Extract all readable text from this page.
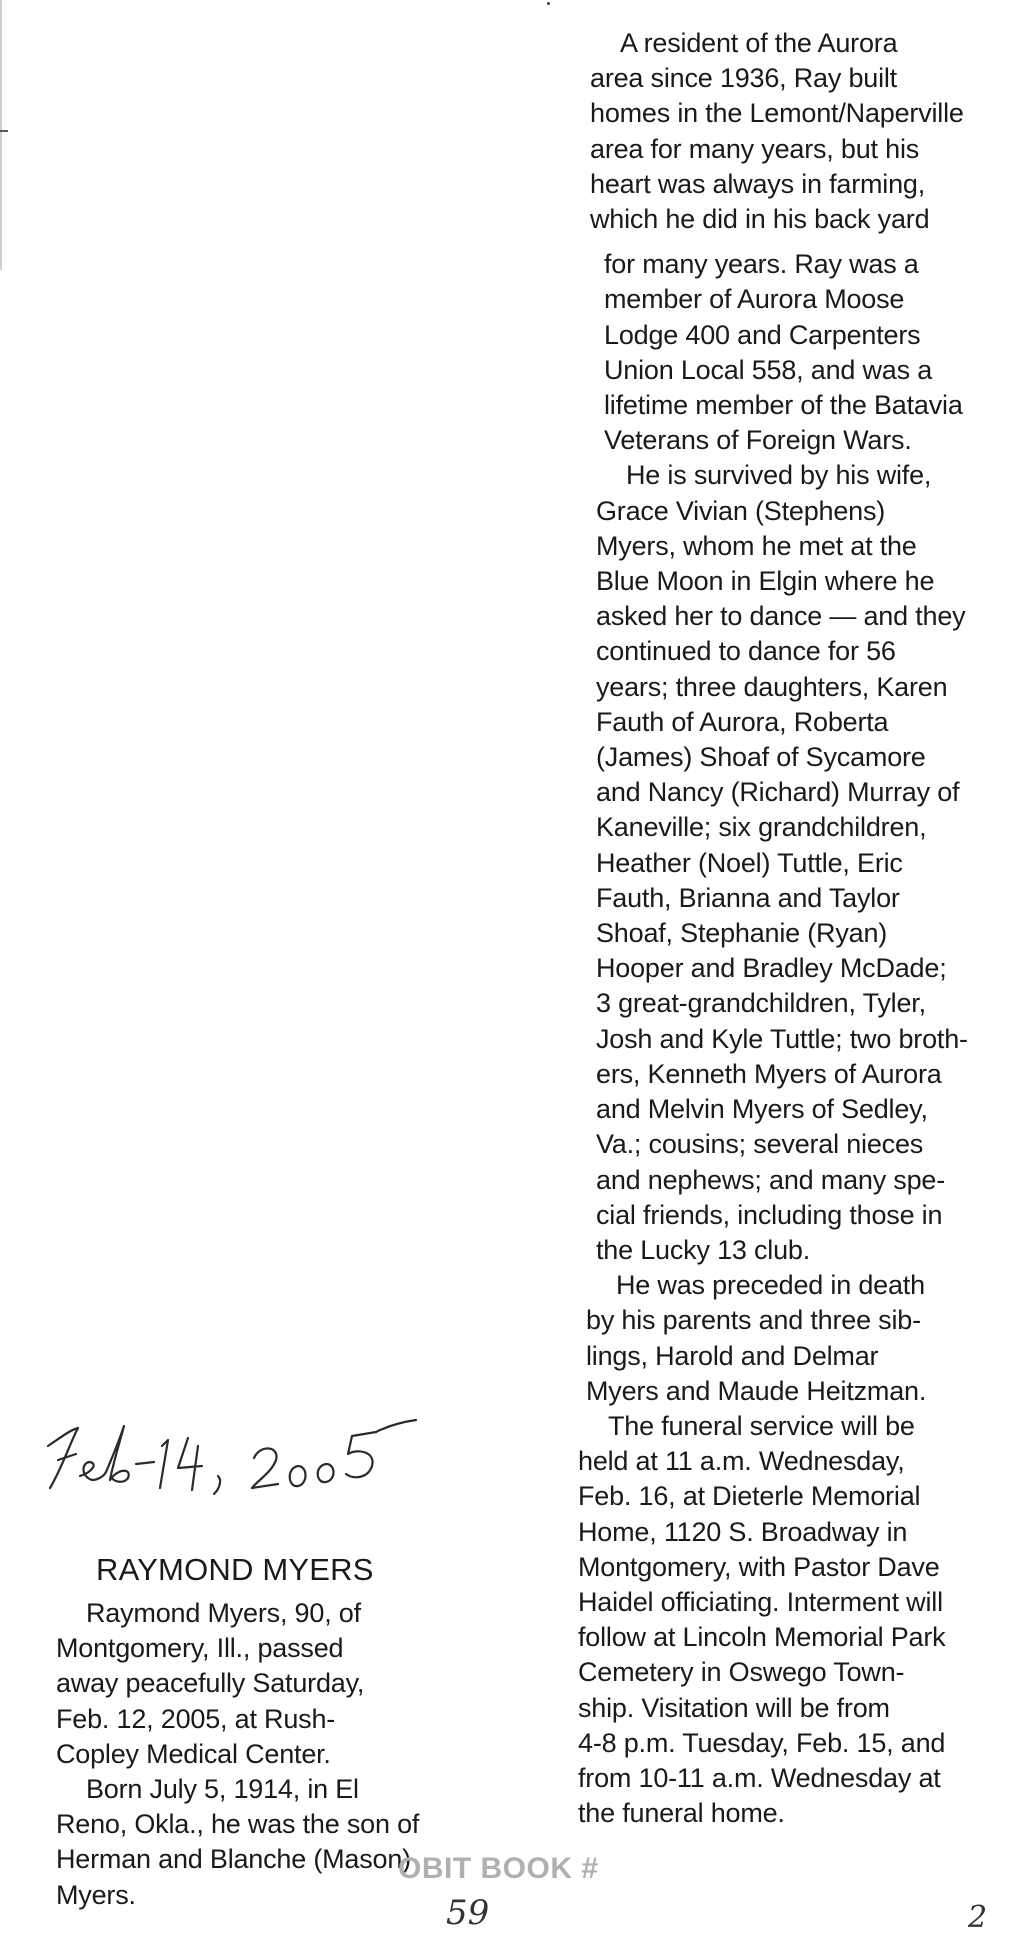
A resident of the Aurora
area since 1936, Ray built
homes in the Lemont/Naperville
area for many years, but his
heart was always in farming,
which he did in his back yard
for many years. Ray was a
member of Aurora Moose
Lodge 400 and Carpenters
Union Local 558, and was a
lifetime member of the Batavia
Veterans of Foreign Wars.
He is survived by his wife,
Grace Vivian (Stephens)
Myers, whom he met at the
Blue Moon in Elgin where he
asked her to dance — and they
continued to dance for 56
years; three daughters, Karen
Fauth of Aurora, Roberta
(James) Shoaf of Sycamore
and Nancy (Richard) Murray of
Kaneville; six grandchildren,
Heather (Noel) Tuttle, Eric
Fauth, Brianna and Taylor
Shoaf, Stephanie (Ryan)
Hooper and Bradley McDade;
3 great-grandchildren, Tyler,
Josh and Kyle Tuttle; two broth-
ers, Kenneth Myers of Aurora
and Melvin Myers of Sedley,
Va.; cousins; several nieces
and nephews; and many spe-
cial friends, including those in
the Lucky 13 club.
He was preceded in death
by his parents and three sib-
lings, Harold and Delmar
Myers and Maude Heitzman.
The funeral service will be
held at 11 a.m. Wednesday,
Feb. 16, at Dieterle Memorial
Home, 1120 S. Broadway in
Montgomery, with Pastor Dave
Haidel officiating. Interment will
follow at Lincoln Memorial Park
Cemetery in Oswego Town-
ship. Visitation will be from
4-8 p.m. Tuesday, Feb. 15, and
from 10-11 a.m. Wednesday at
the funeral home.
RAYMOND MYERS
Raymond Myers, 90, of
Montgomery, Ill., passed
away peacefully Saturday,
Feb. 12, 2005, at Rush-
Copley Medical Center.
Born July 5, 1914, in El
Reno, Okla., he was the son of
Herman and Blanche (Mason)
Myers.
OBIT BOOK #
59	2
